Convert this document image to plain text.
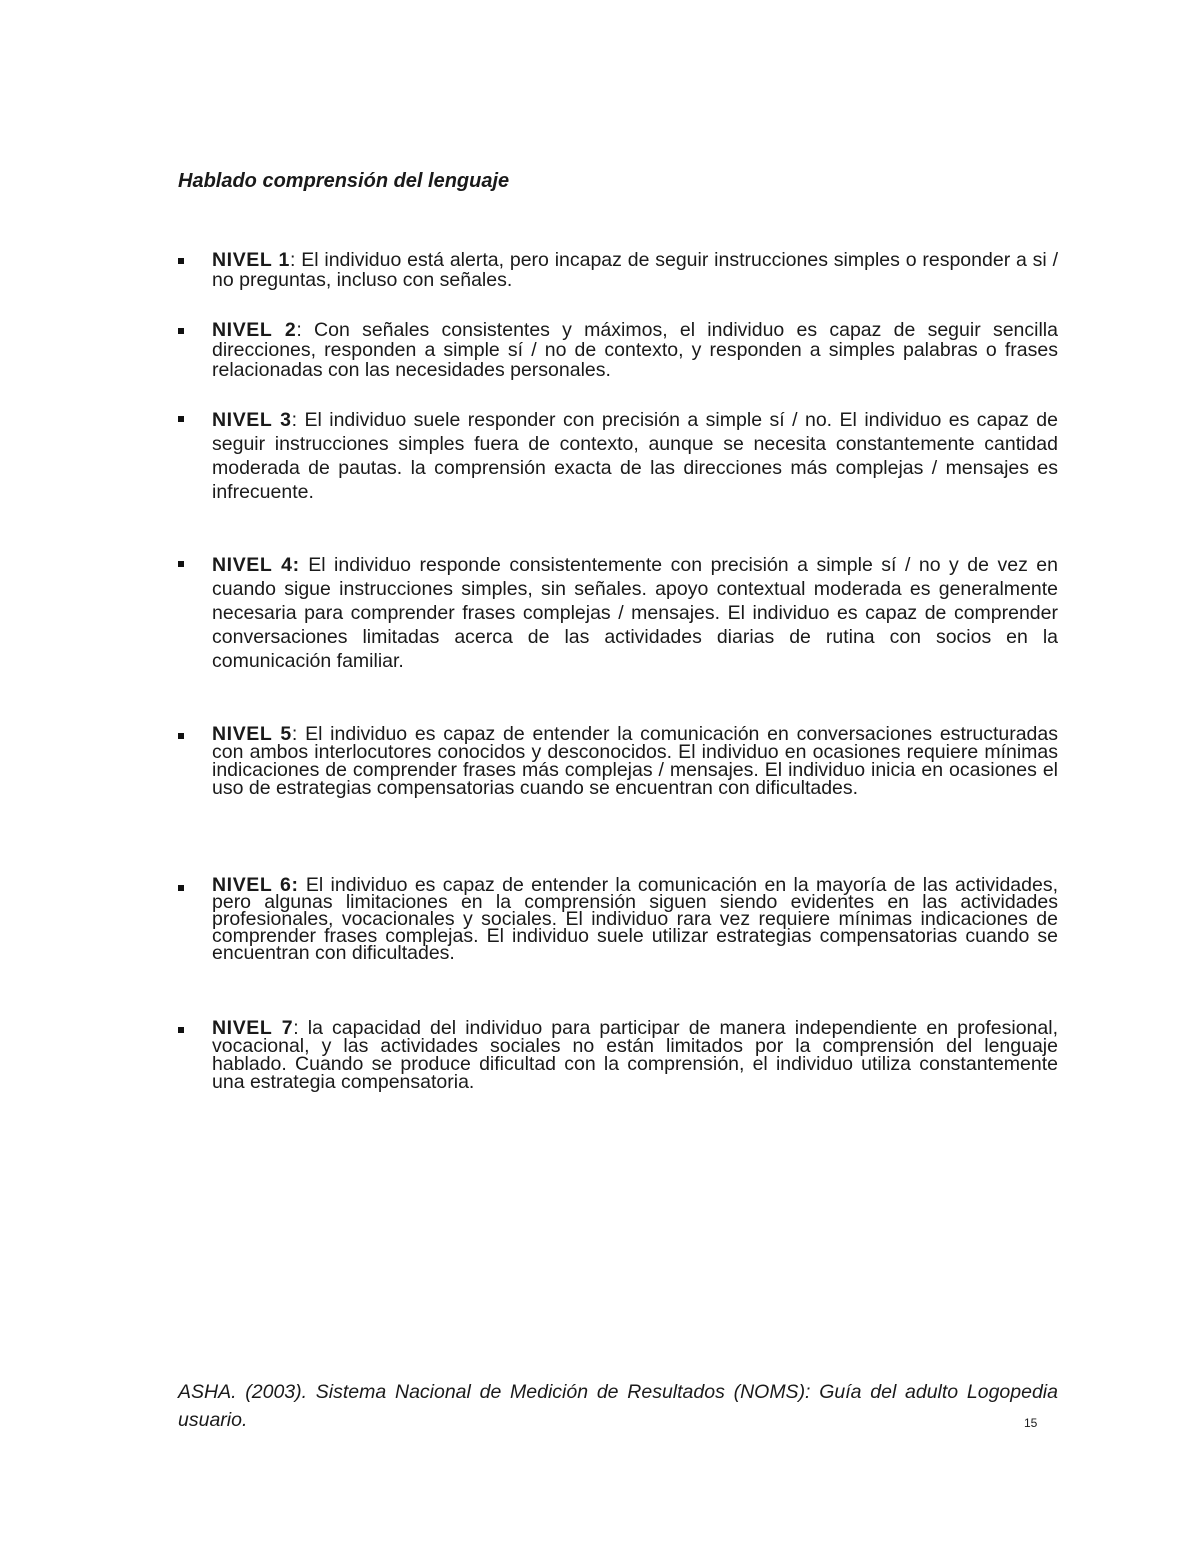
Hablado comprensión del lenguaje

NIVEL 1: El individuo está alerta, pero incapaz de seguir instrucciones simples o responder a si / no preguntas, incluso con señales.

NIVEL 2: Con señales consistentes y máximos, el individuo es capaz de seguir sencilla direcciones, responden a simple sí / no de contexto, y responden a simples palabras o frases relacionadas con las necesidades personales.

NIVEL 3: El individuo suele responder con precisión a simple sí / no. El individuo es capaz de seguir instrucciones simples fuera de contexto, aunque se necesita constantemente cantidad moderada de pautas. la comprensión exacta de las direcciones más complejas / mensajes es infrecuente.

NIVEL 4: El individuo responde consistentemente con precisión a simple sí / no y de vez en cuando sigue instrucciones simples, sin señales. apoyo contextual moderada es generalmente necesaria para comprender frases complejas / mensajes. El individuo es capaz de comprender conversaciones limitadas acerca de las actividades diarias de rutina con socios en la comunicación familiar.

NIVEL 5: El individuo es capaz de entender la comunicación en conversaciones estructuradas con ambos interlocutores conocidos y desconocidos. El individuo en ocasiones requiere mínimas indicaciones de comprender frases más complejas / mensajes. El individuo inicia en ocasiones el uso de estrategias compensatorias cuando se encuentran con dificultades.

NIVEL 6: El individuo es capaz de entender la comunicación en la mayoría de las actividades, pero algunas limitaciones en la comprensión siguen siendo evidentes en las actividades profesionales, vocacionales y sociales. El individuo rara vez requiere mínimas indicaciones de comprender frases complejas. El individuo suele utilizar estrategias compensatorias cuando se encuentran con dificultades.

NIVEL 7: la capacidad del individuo para participar de manera independiente en profesional, vocacional, y las actividades sociales no están limitados por la comprensión del lenguaje hablado. Cuando se produce dificultad con la comprensión, el individuo utiliza constantemente una estrategia compensatoria.

ASHA. (2003). Sistema Nacional de Medición de Resultados (NOMS): Guía del adulto Logopedia usuario.	15
